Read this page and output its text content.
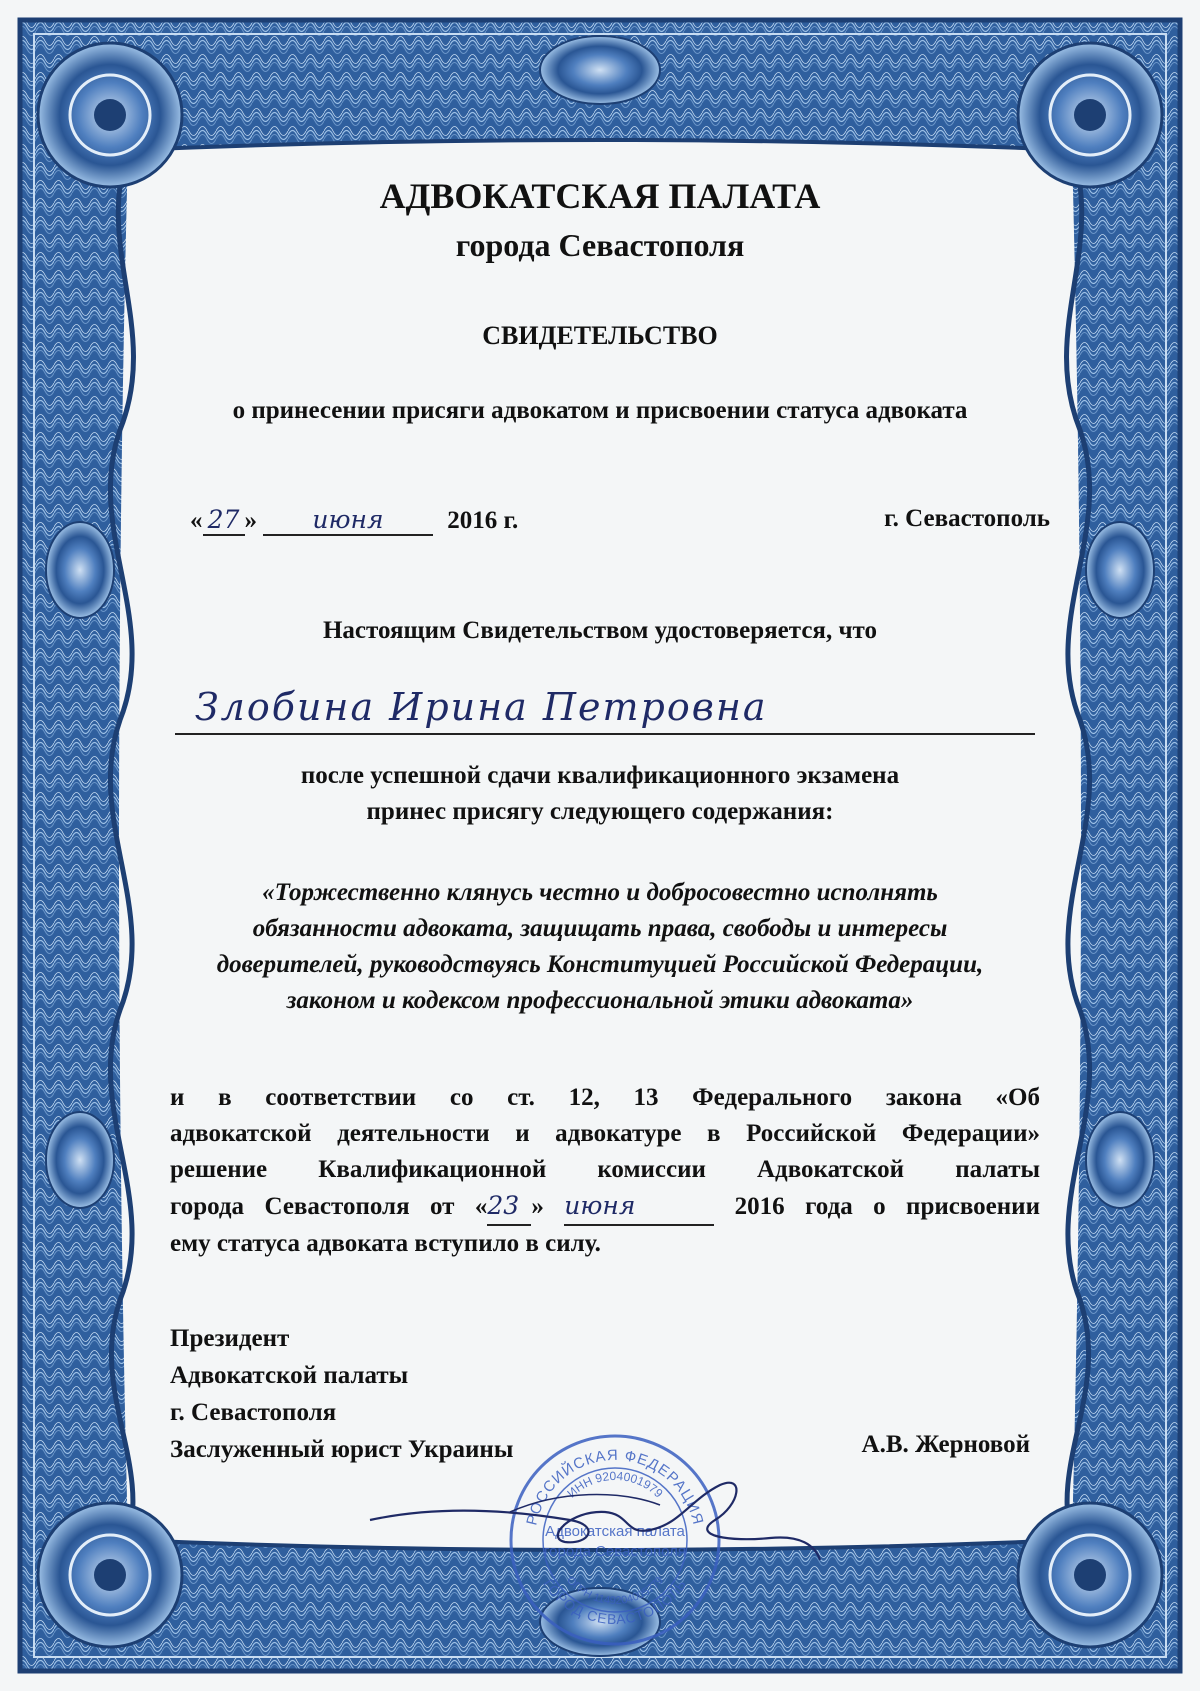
АДВОКАТСКАЯ ПАЛАТА
города Севастополя
СВИДЕТЕЛЬСТВО
о принесении присяги адвокатом и присвоении статуса адвоката
« 27 » июня	2016 г.	г. Севастополь
Настоящим Свидетельством удостоверяется, что
Злобина Ирина Петровна
после успешной сдачи квалификационного экзамена
принес присягу следующего содержания:
«Торжественно клянусь честно и добросовестно исполнять обязанности адвоката, защищать права, свободы и интересы доверителей, руководствуясь Конституцией Российской Федерации, законом и кодексом профессиональной этики адвоката»
и в соответствии со ст. 12, 13 Федерального закона «Об
адвокатской деятельности и адвокатуре в Российской Федерации»
решение Квалификационной комиссии Адвокатской палаты
города Севастополя от «23 » июня	2016 года о присвоении
ему статуса адвоката вступило в силу.
Президент
Адвокатской палаты
г. Севастополя
Заслуженный юрист Украины	А.В. Жерновой
РОССИЙСКАЯ ФЕДЕРАЦИЯ
ГОРОД СЕВАСТОПОЛЬ
ИНН 9204001979
ОГРН 1149204005779
Адвокатская палата
города Севастополя
